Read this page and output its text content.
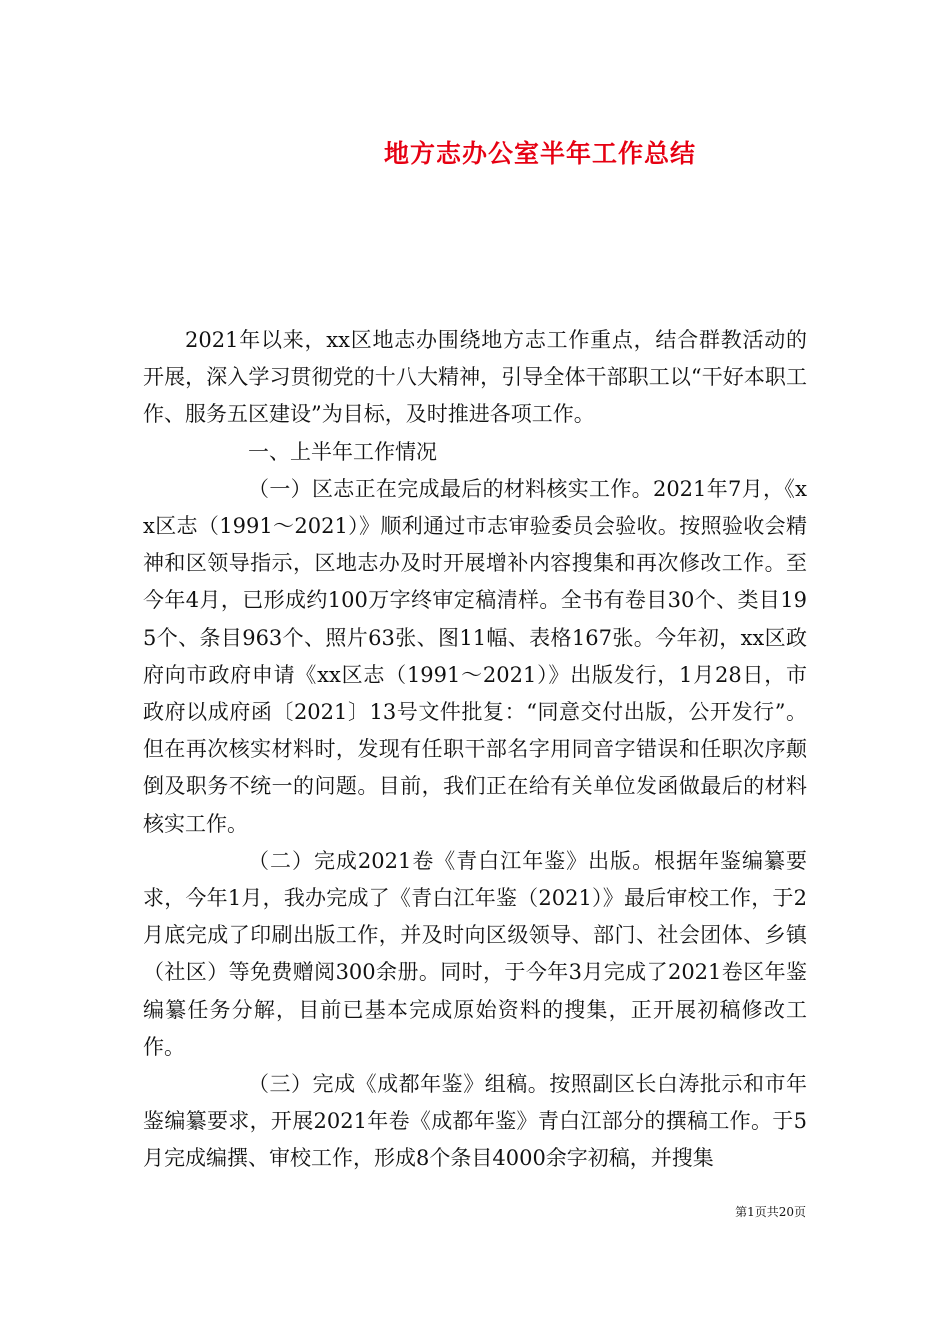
地方志办公室半年工作总结

2021年以来，xx区地志办围绕地方志工作重点，结合群教活动的开展，深入学习贯彻党的十八大精神，引导全体干部职工以“干好本职工作、服务五区建设”为目标，及时推进各项工作。

一、上半年工作情况

（一）区志正在完成最后的材料核实工作。2021年7月，《xx区志（1991～2021）》顺利通过市志审验委员会验收。按照验收会精神和区领导指示，区地志办及时开展增补内容搜集和再次修改工作。至今年4月，已形成约100万字终审定稿清样。全书有卷目30个、类目195个、条目963个、照片63张、图11幅、表格167张。今年初，xx区政府向市政府申请《xx区志（1991～2021）》出版发行，1月28日，市政府以成府函〔2021〕13号文件批复：“同意交付出版，公开发行”。但在再次核实材料时，发现有任职干部名字用同音字错误和任职次序颠倒及职务不统一的问题。目前，我们正在给有关单位发函做最后的材料核实工作。

（二）完成2021卷《青白江年鉴》出版。根据年鉴编纂要求，今年1月，我办完成了《青白江年鉴（2021）》最后审校工作，于2月底完成了印刷出版工作，并及时向区级领导、部门、社会团体、乡镇（社区）等免费赠阅300余册。同时，于今年3月完成了2021卷区年鉴编纂任务分解，目前已基本完成原始资料的搜集，正开展初稿修改工作。

（三）完成《成都年鉴》组稿。按照副区长白涛批示和市年鉴编纂要求，开展2021年卷《成都年鉴》青白江部分的撰稿工作。于5月完成编撰、审校工作，形成8个条目4000余字初稿，并搜集

第1页共20页
